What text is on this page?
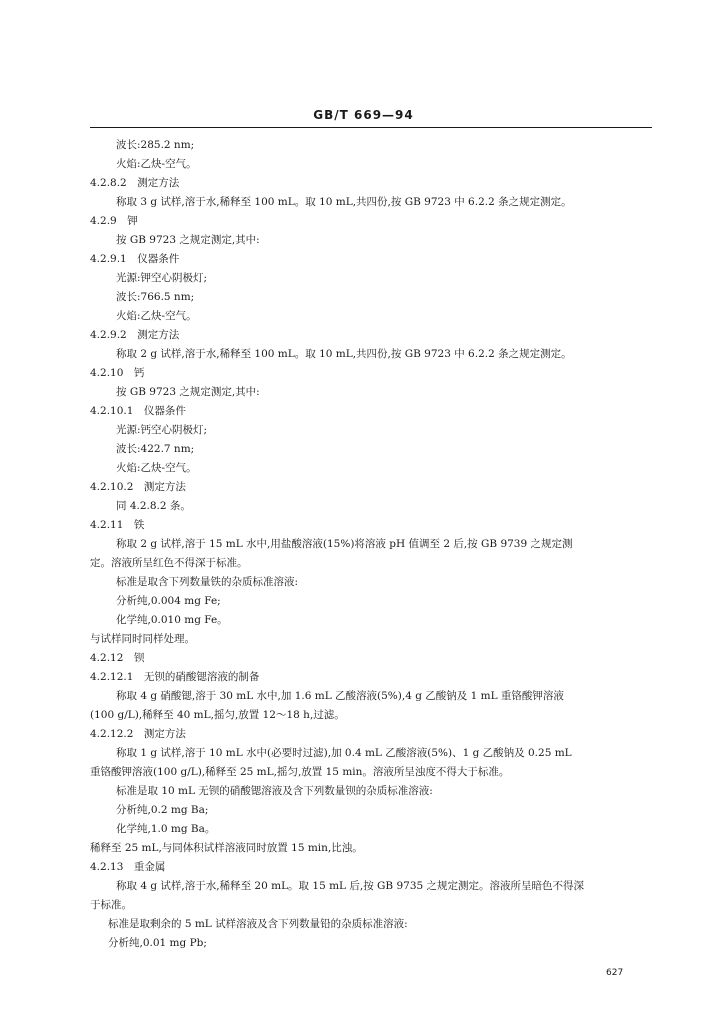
GB/T 669—94
波长:285.2 nm;
火焰:乙炔-空气。
4.2.8.2　测定方法
称取 3 g 试样,溶于水,稀释至 100 mL。取 10 mL,共四份,按 GB 9723 中 6.2.2 条之规定测定。
4.2.9　钾
按 GB 9723 之规定测定,其中:
4.2.9.1　仪器条件
光源:钾空心阴极灯;
波长:766.5 nm;
火焰:乙炔-空气。
4.2.9.2　测定方法
称取 2 g 试样,溶于水,稀释至 100 mL。取 10 mL,共四份,按 GB 9723 中 6.2.2 条之规定测定。
4.2.10　钙
按 GB 9723 之规定测定,其中:
4.2.10.1　仪器条件
光源:钙空心阴极灯;
波长:422.7 nm;
火焰:乙炔-空气。
4.2.10.2　测定方法
同 4.2.8.2 条。
4.2.11　铁
称取 2 g 试样,溶于 15 mL 水中,用盐酸溶液(15%)将溶液 pH 值调至 2 后,按 GB 9739 之规定测
定。溶液所呈红色不得深于标准。
标准是取含下列数量铁的杂质标准溶液:
分析纯,0.004 mg Fe;
化学纯,0.010 mg Fe。
与试样同时同样处理。
4.2.12　钡
4.2.12.1　无钡的硝酸锶溶液的制备
称取 4 g 硝酸锶,溶于 30 mL 水中,加 1.6 mL 乙酸溶液(5%),4 g 乙酸钠及 1 mL 重铬酸钾溶液
(100 g/L),稀释至 40 mL,摇匀,放置 12～18 h,过滤。
4.2.12.2　测定方法
称取 1 g 试样,溶于 10 mL 水中(必要时过滤),加 0.4 mL 乙酸溶液(5%)、1 g 乙酸钠及 0.25 mL
重铬酸钾溶液(100 g/L),稀释至 25 mL,摇匀,放置 15 min。溶液所呈浊度不得大于标准。
标准是取 10 mL 无钡的硝酸锶溶液及含下列数量钡的杂质标准溶液:
分析纯,0.2 mg Ba;
化学纯,1.0 mg Ba。
稀释至 25 mL,与同体积试样溶液同时放置 15 min,比浊。
4.2.13　重金属
称取 4 g 试样,溶于水,稀释至 20 mL。取 15 mL 后,按 GB 9735 之规定测定。溶液所呈暗色不得深
于标准。
标准是取剩余的 5 mL 试样溶液及含下列数量铅的杂质标准溶液:
分析纯,0.01 mg Pb;
627
